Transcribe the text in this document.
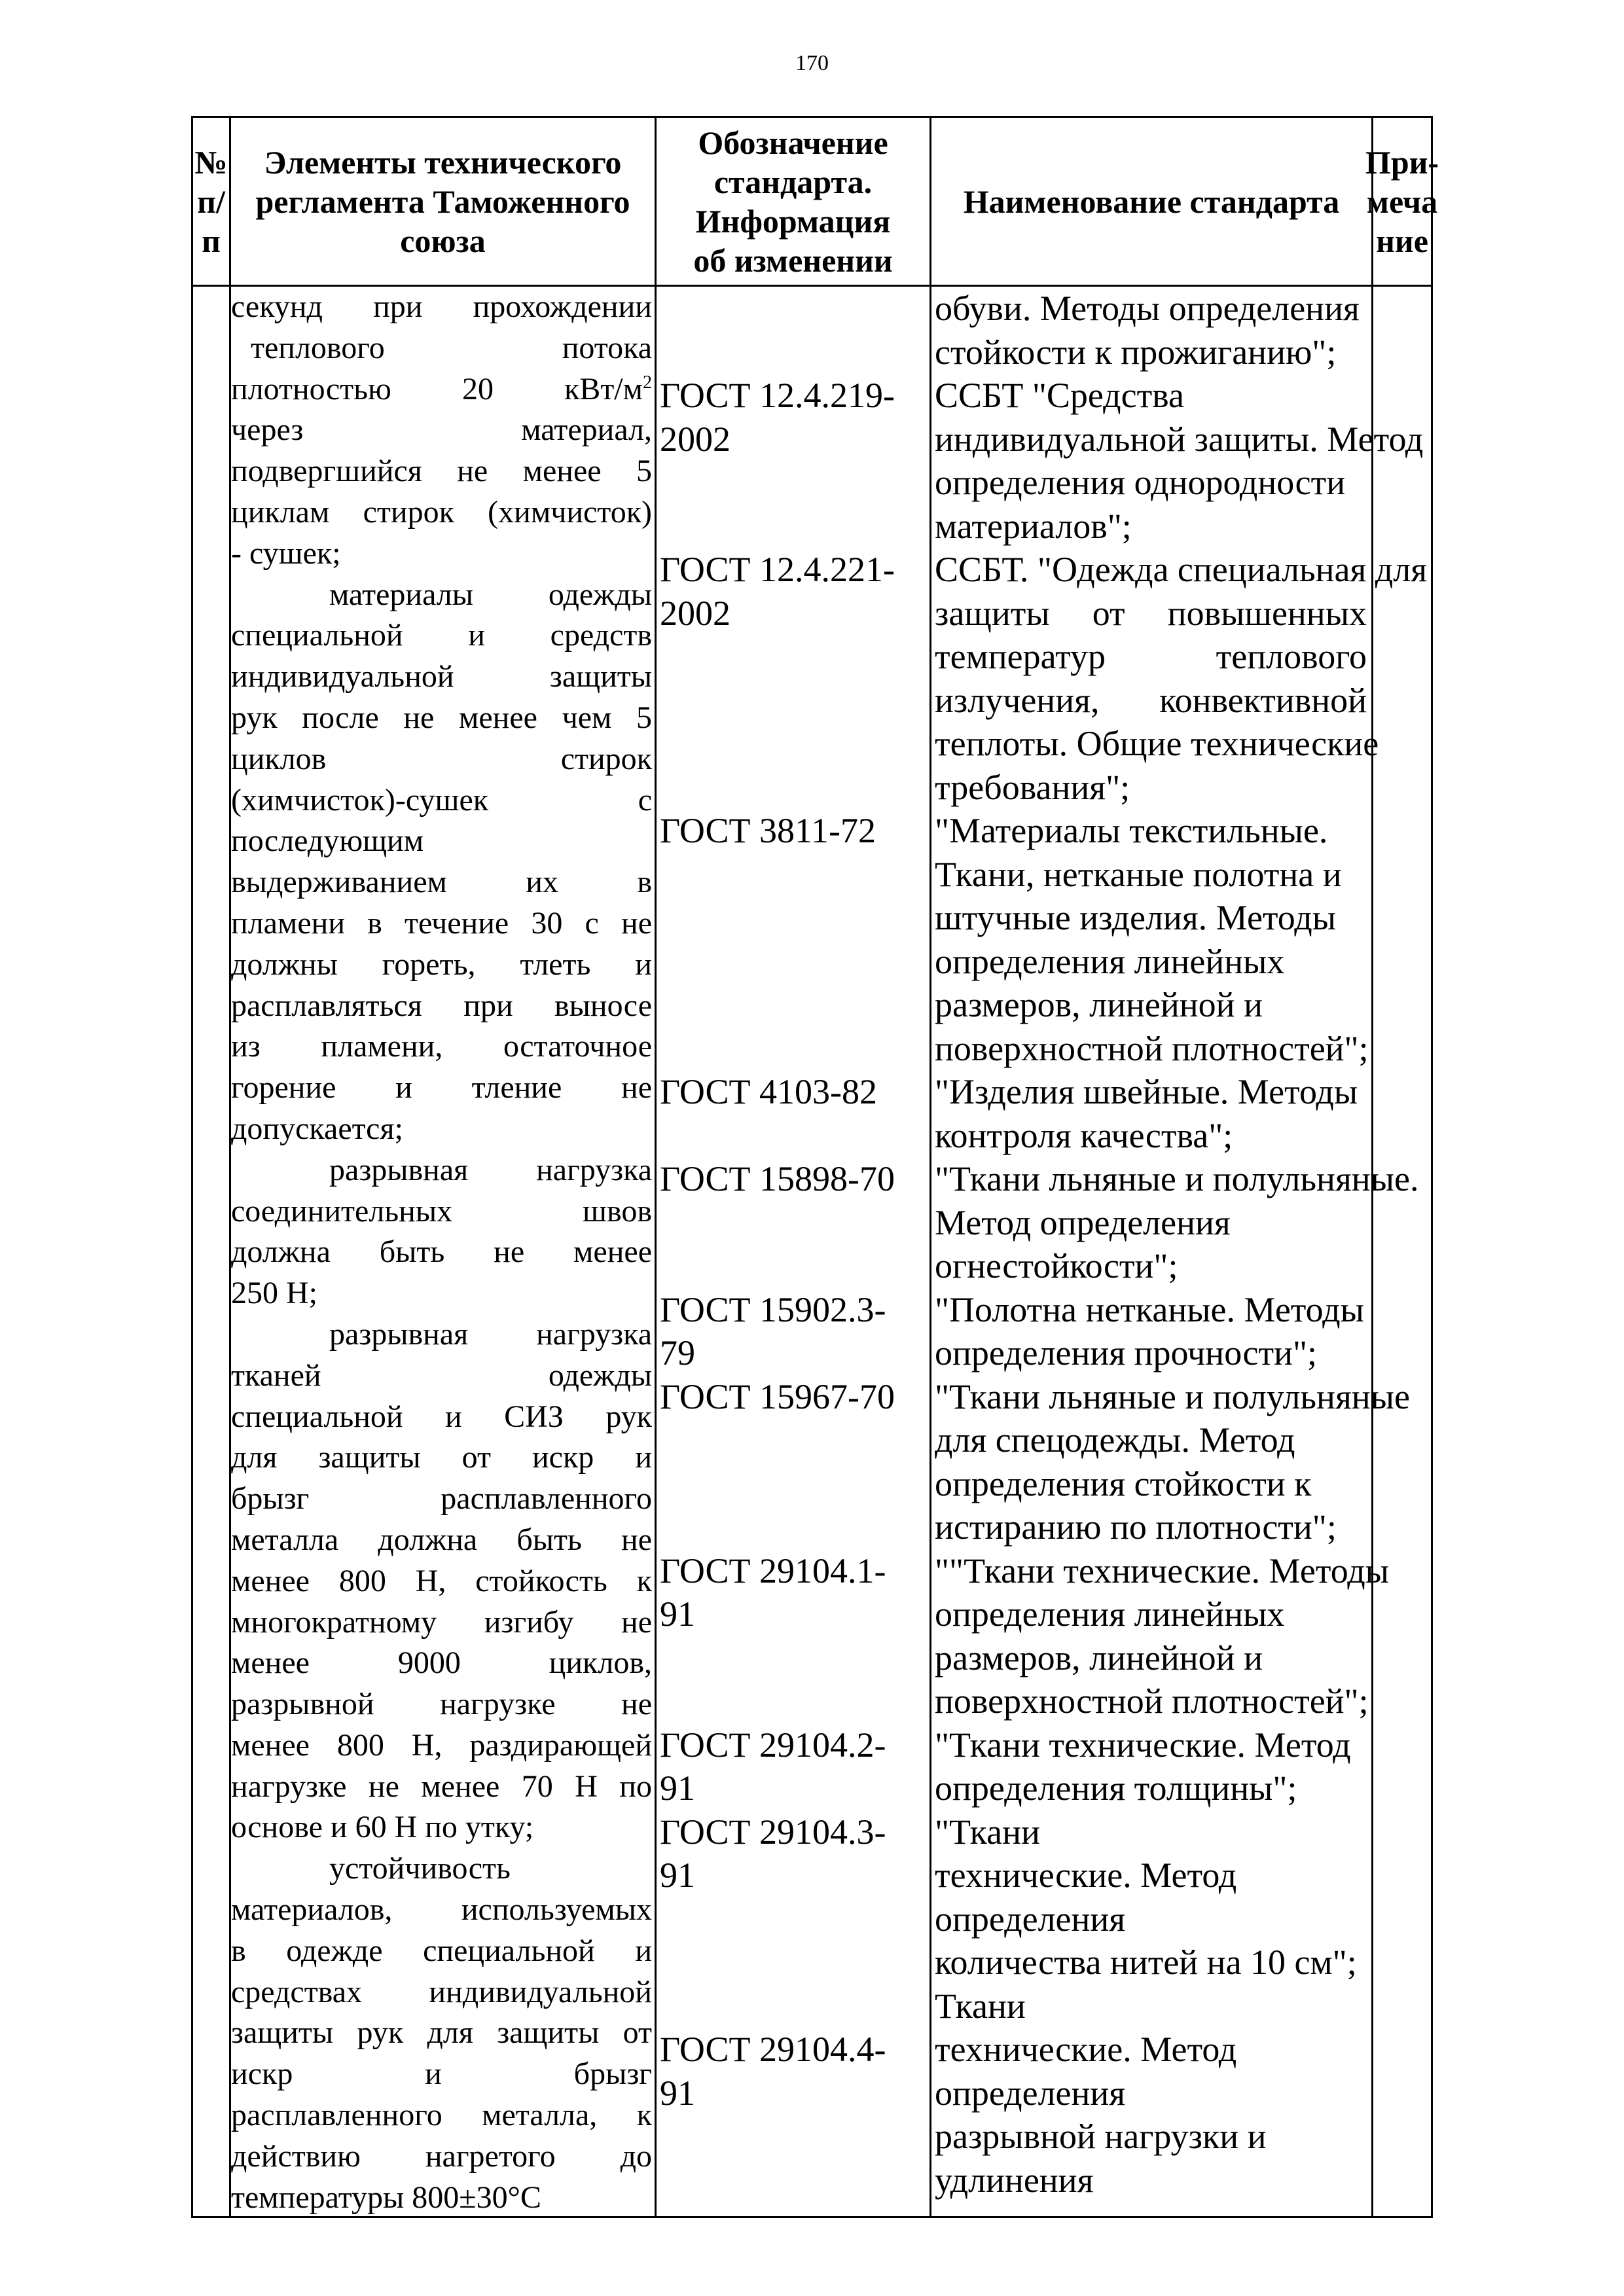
170
№
п/п
Элементы технического
регламента Таможенного
союза
Обозначение
стандарта.
Информация
об изменении
Наименование стандарта
При-
меча
ние
секунд при прохождении
теплового потока
плотностью 20 кВт/$м^2$
через материал,
подвергшийся не менее 5
циклам стирок (химчисток)
- сушек;
материалы одежды
специальной и средств
индивидуальной защиты
рук после не менее чем 5
циклов стирок
(химчисток)-сушек с
последующим
выдерживанием их в
пламени в течение 30 с не
должны гореть, тлеть и
расплавляться при выносе
из пламени, остаточное
горение и тление не
допускается;
разрывная нагрузка
соединительных швов
должна быть не менее
250 Н;
разрывная нагрузка
тканей одежды
специальной и СИЗ рук
для защиты от искр и
брызг расплавленного
металла должна быть не
менее 800 Н, стойкость к
многократному изгибу не
менее 9000 циклов,
разрывной нагрузке не
менее 800 Н, раздирающей
нагрузке не менее 70 Н по
основе и 60 Н по утку;
устойчивость
материалов, используемых
в одежде специальной и
средствах индивидуальной
защиты рук для защиты от
искр и брызг
расплавленного металла, к
действию нагретого до
температуры 800±30°С
ГОСТ 12.4.219-
2002
ГОСТ 12.4.221-
2002
ГОСТ 3811-72
ГОСТ 4103-82
ГОСТ 15898-70
ГОСТ 15902.3-
79
ГОСТ 15967-70
ГОСТ 29104.1-
91
ГОСТ 29104.2-
91
ГОСТ 29104.3-
91
ГОСТ 29104.4-
91
обуви. Методы определения
стойкости к прожиганию";
ССБТ "Средства
индивидуальной защиты. Метод
определения однородности
материалов";
ССБТ. "Одежда специальная для
защиты от повышенных
температур теплового
излучения, конвективной
теплоты. Общие технические
требования";
"Материалы текстильные.
Ткани, нетканые полотна и
штучные изделия. Методы
определения линейных
размеров, линейной и
поверхностной плотностей";
"Изделия швейные. Методы
контроля качества";
"Ткани льняные и полульняные.
Метод определения
огнестойкости";
"Полотна нетканые. Методы
определения прочности";
"Ткани льняные и полульняные
для спецодежды. Метод
определения стойкости к
истиранию по плотности";
""Ткани технические. Методы
определения линейных
размеров, линейной и
поверхностной плотностей";
"Ткани технические. Метод
определения толщины";
"Ткани
технические. Метод
определения
количества нитей на 10 см";
Ткани
технические. Метод
определения
разрывной нагрузки и
удлинения
